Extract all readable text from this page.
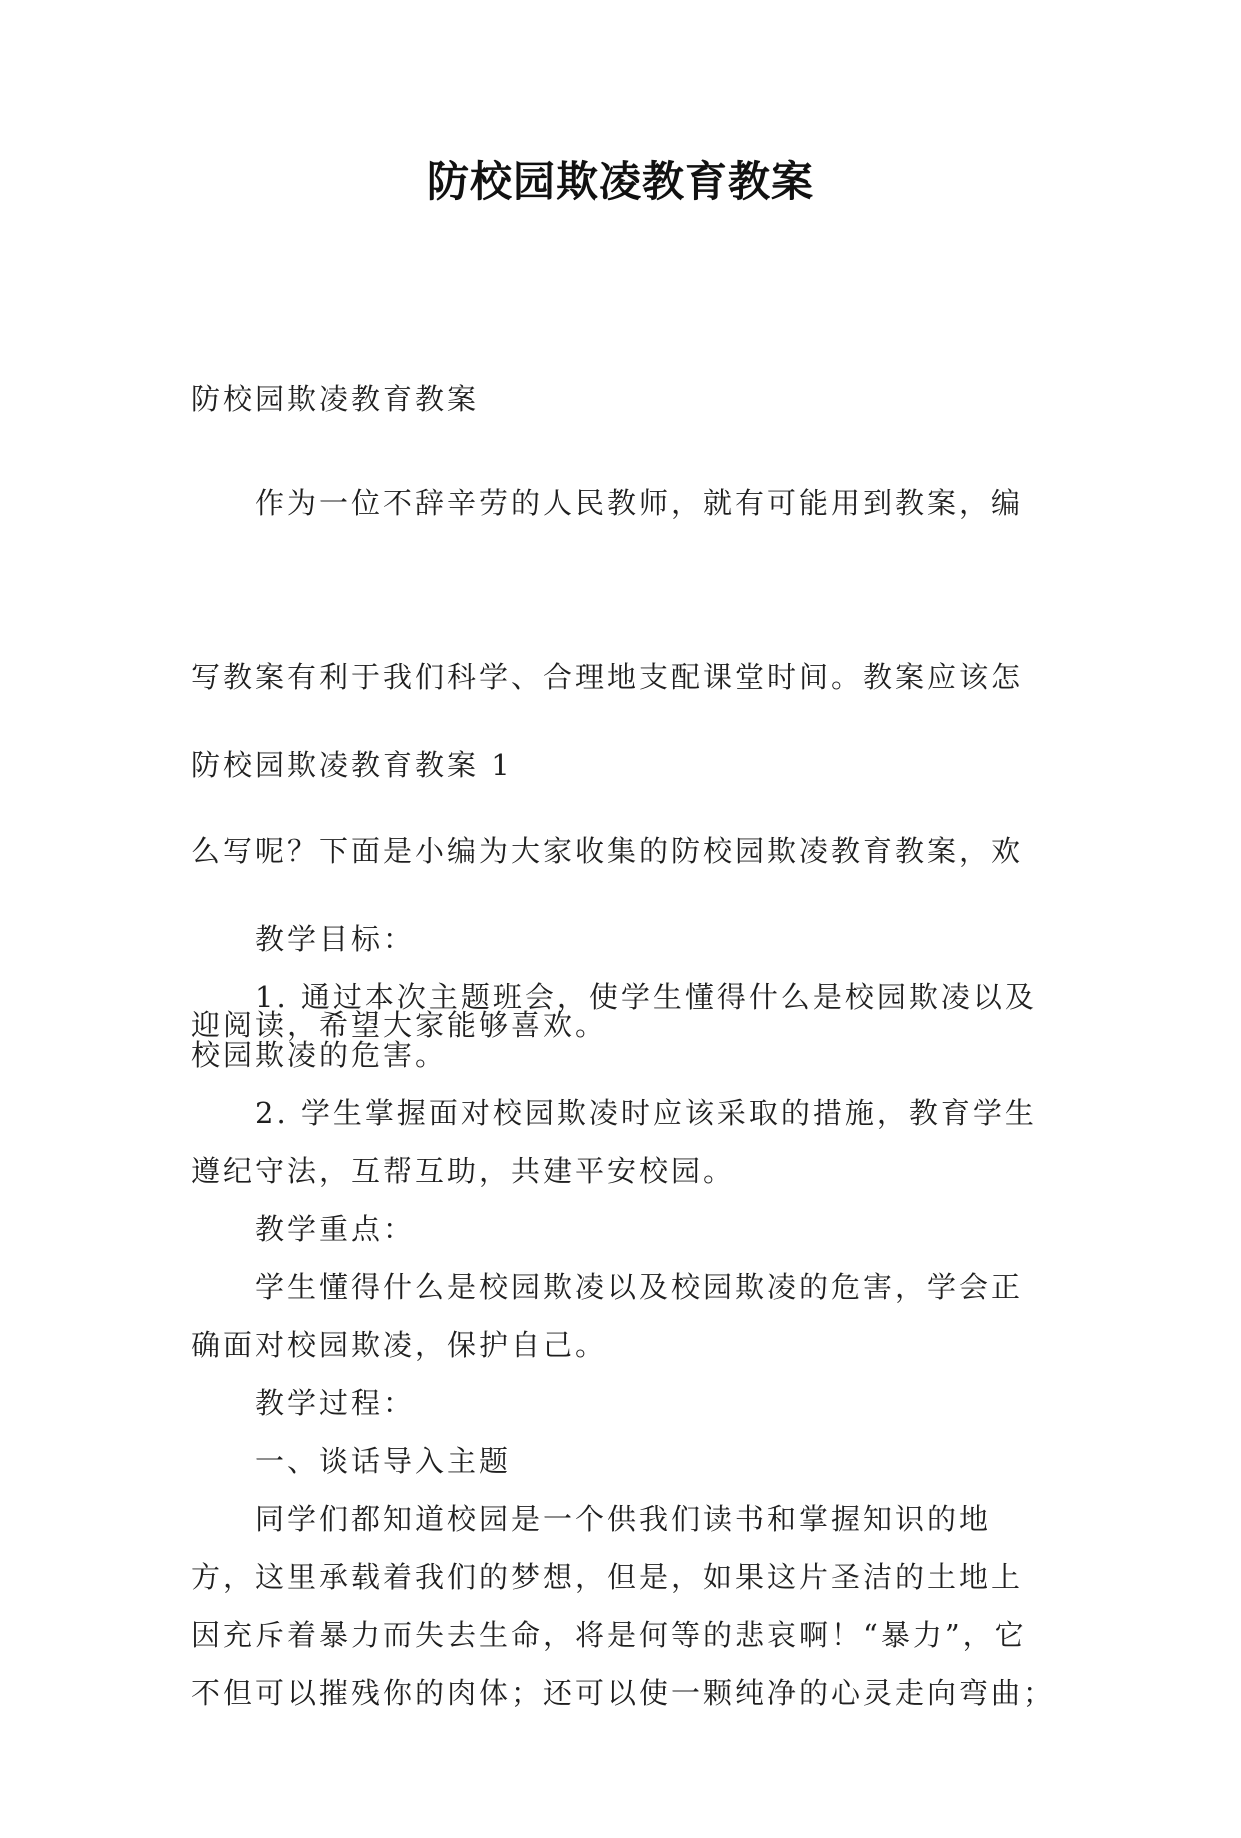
防校园欺凌教育教案

防校园欺凌教育教案

作为一位不辞辛劳的人民教师，就有可能用到教案，编

写教案有利于我们科学、合理地支配课堂时间。教案应该怎

么写呢？下面是小编为大家收集的防校园欺凌教育教案，欢

迎阅读，希望大家能够喜欢。

防校园欺凌教育教案 1

教学目标：
1. 通过本次主题班会，使学生懂得什么是校园欺凌以及
校园欺凌的危害。
2. 学生掌握面对校园欺凌时应该采取的措施，教育学生
遵纪守法，互帮互助，共建平安校园。
教学重点：
学生懂得什么是校园欺凌以及校园欺凌的危害，学会正
确面对校园欺凌，保护自己。
教学过程：
一、谈话导入主题
同学们都知道校园是一个供我们读书和掌握知识的地
方，这里承载着我们的梦想，但是，如果这片圣洁的土地上
因充斥着暴力而失去生命，将是何等的悲哀啊！“暴力”，它
不但可以摧残你的肉体；还可以使一颗纯净的心灵走向弯曲；
